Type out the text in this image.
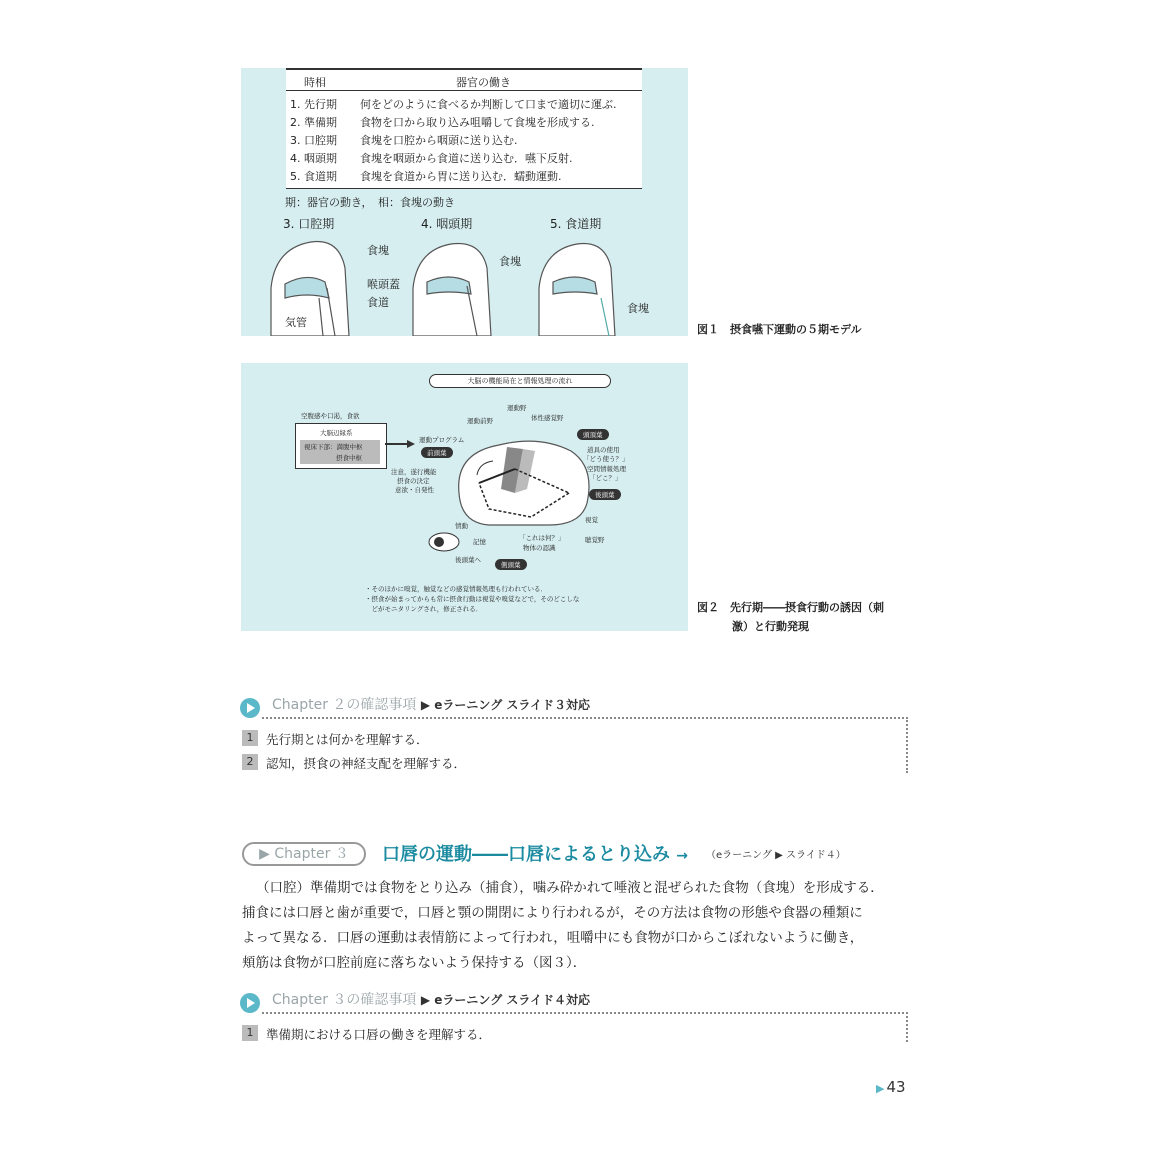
時相	器官の働き
1. 先行期 何をどのように食べるか判断して口まで適切に運ぶ.
2. 準備期 食物を口から取り込み咀嚼して食塊を形成する.
3. 口腔期 食塊を口腔から咽頭に送り込む.
4. 咽頭期 食塊を咽頭から食道に送り込む．嚥下反射.
5. 食道期 食塊を食道から胃に送り込む．蠕動運動.
期：器官の動き，　相：食塊の動き
3. 口腔期	4. 咽頭期	5. 食道期
食塊
喉頭蓋
食道
気管
食塊
食塊
図１　摂食嚥下運動の５期モデル
大脳の機能局在と情報処理の流れ
空腹感や口渇，食欲
大脳辺縁系
視床下部：満腹中枢
摂食中枢
運動プログラム
前頭葉
注意，遂行機能
摂食の決定
意欲・自発性
運動前野
運動野
体性感覚野
頭頂葉
道具の使用
「どう使う？」
空間情報処理
「どこ？」
後頭葉
視覚
聴覚野
情動
記憶
後頭葉へ
「これは何？」
物体の認識
側頭葉
・そのほかに嗅覚，触覚などの感覚情報処理も行われている．
・摂食が始まってからも常に摂食行動は視覚や嗅覚などで，そのどこしな
　どがモニタリングされ，修正される．	図２　先行期――摂食行動の誘因（刺
激）と行動発現
Chapter ２の確認事項 ▶ eラーニング スライド３対応
1	先行期とは何かを理解する．
2	認知，摂食の神経支配を理解する．
▶ Chapter ３	口唇の運動――口唇によるとり込み → （eラーニング ▶ スライド４）
（口腔）準備期では食物をとり込み（捕食），噛み砕かれて唾液と混ぜられた食物（食塊）を形成する．
捕食には口唇と歯が重要で，口唇と顎の開閉により行われるが，その方法は食物の形態や食器の種類に
よって異なる．口唇の運動は表情筋によって行われ，咀嚼中にも食物が口からこぼれないように働き，
頬筋は食物が口腔前庭に落ちないよう保持する（図３）．
Chapter ３の確認事項 ▶ eラーニング スライド４対応
1	準備期における口唇の働きを理解する．
▶ 43
